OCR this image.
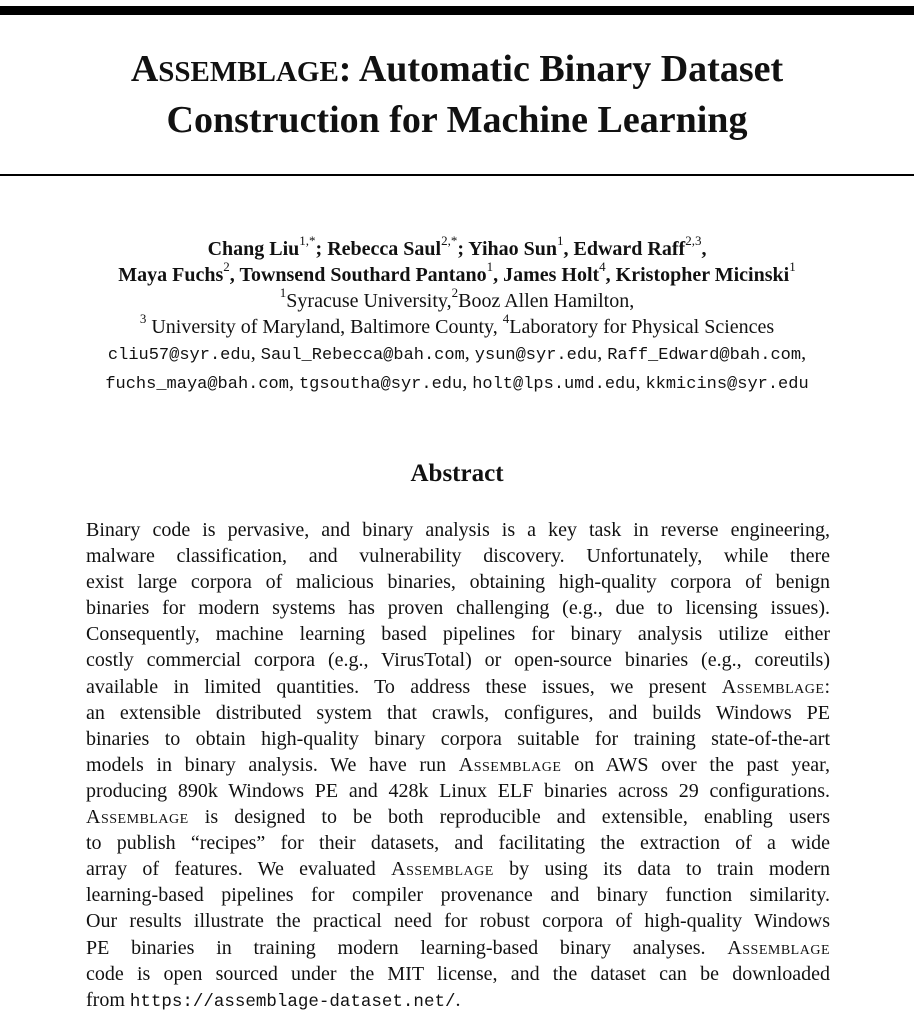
ASSEMBLAGE: Automatic Binary Dataset
Construction for Machine Learning
Chang Liu$^{1,*}$; Rebecca Saul$^{2,*}$; Yihao Sun$^1$, Edward Raff$^{2,3}$,
Maya Fuchs$^2$, Townsend Southard Pantano$^1$, James Holt$^4$, Kristopher Micinski$^1$
$^1$Syracuse University,$^2$Booz Allen Hamilton,
$^3$ University of Maryland, Baltimore County, $^4$Laboratory for Physical Sciences
cliu57@syr.edu, Saul_Rebecca@bah.com, ysun@syr.edu, Raff_Edward@bah.com,
fuchs_maya@bah.com, tgsoutha@syr.edu, holt@lps.umd.edu, kkmicins@syr.edu
Abstract
Binary code is pervasive, and binary analysis is a key task in reverse engineering,
malware classification, and vulnerability discovery. Unfortunately, while there
exist large corpora of malicious binaries, obtaining high-quality corpora of benign
binaries for modern systems has proven challenging (e.g., due to licensing issues).
Consequently, machine learning based pipelines for binary analysis utilize either
costly commercial corpora (e.g., VirusTotal) or open-source binaries (e.g., coreutils)
available in limited quantities. To address these issues, we present Assemblage:
an extensible distributed system that crawls, configures, and builds Windows PE
binaries to obtain high-quality binary corpora suitable for training state-of-the-art
models in binary analysis. We have run Assemblage on AWS over the past year,
producing 890k Windows PE and 428k Linux ELF binaries across 29 configurations.
Assemblage is designed to be both reproducible and extensible, enabling users
to publish “recipes” for their datasets, and facilitating the extraction of a wide
array of features. We evaluated Assemblage by using its data to train modern
learning-based pipelines for compiler provenance and binary function similarity.
Our results illustrate the practical need for robust corpora of high-quality Windows
PE binaries in training modern learning-based binary analyses. Assemblage
code is open sourced under the MIT license, and the dataset can be downloaded
from https://assemblage-dataset.net/.
